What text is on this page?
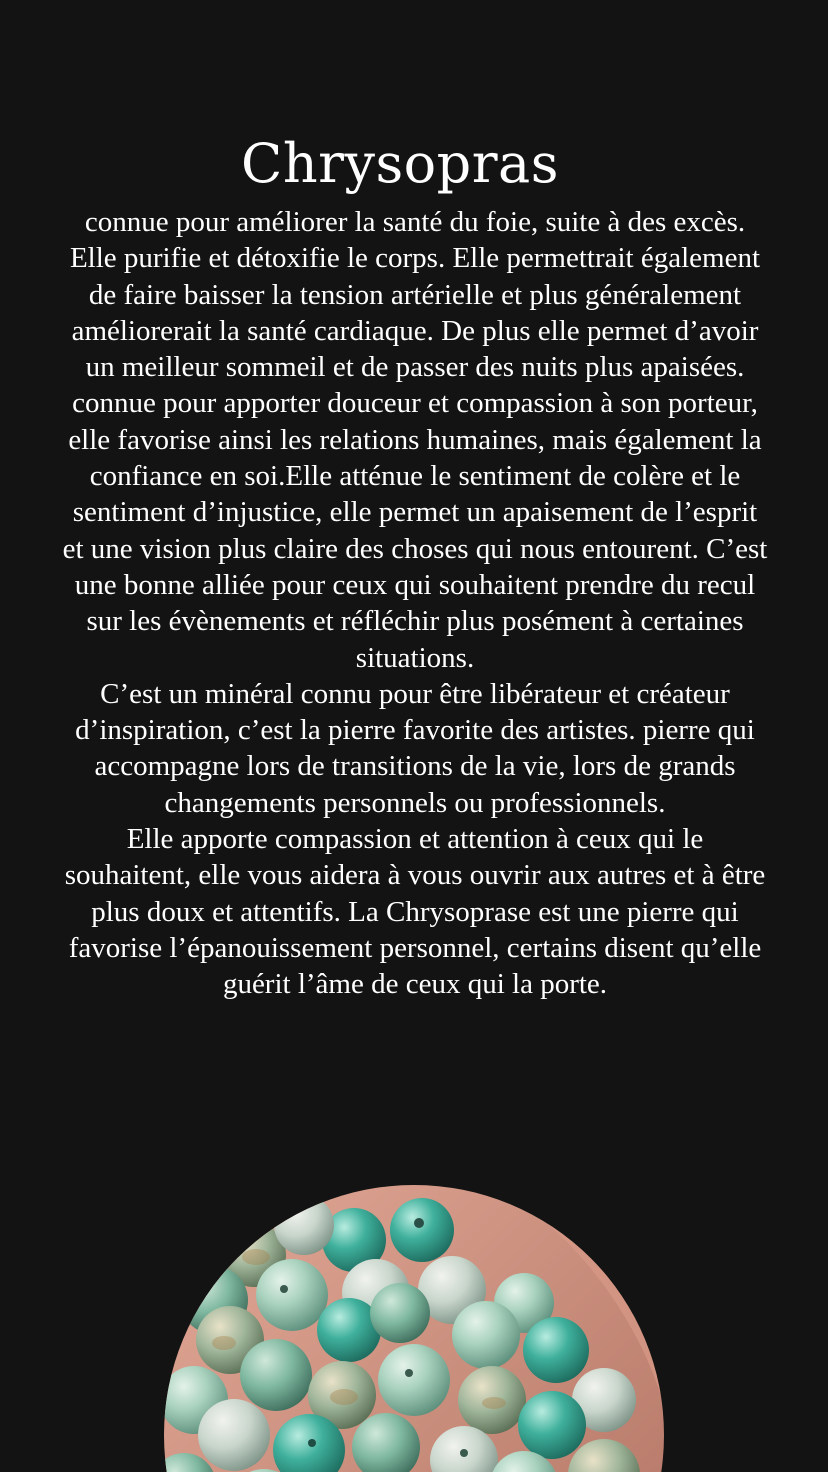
Chrysopras

connue pour améliorer la santé du foie, suite à des excès. Elle purifie et détoxifie le corps. Elle permettrait également de faire baisser la tension artérielle et plus généralement améliorerait la santé cardiaque. De plus elle permet d’avoir un meilleur sommeil et de passer des nuits plus apaisées. connue pour apporter douceur et compassion à son porteur, elle favorise ainsi les relations humaines, mais également la confiance en soi.Elle atténue le sentiment de colère et le sentiment d’injustice, elle permet un apaisement de l’esprit et une vision plus claire des choses qui nous entourent. C’est une bonne alliée pour ceux qui souhaitent prendre du recul sur les évènements et réfléchir plus posément à certaines situations.

C’est un minéral connu pour être libérateur et créateur d’inspiration, c’est la pierre favorite des artistes. pierre qui accompagne lors de transitions de la vie, lors de grands changements personnels ou professionnels.

Elle apporte compassion et attention à ceux qui le souhaitent, elle vous aidera à vous ouvrir aux autres et à être plus doux et attentifs. La Chrysoprase est une pierre qui favorise l’épanouissement personnel, certains disent qu’elle guérit l’âme de ceux qui la porte.
